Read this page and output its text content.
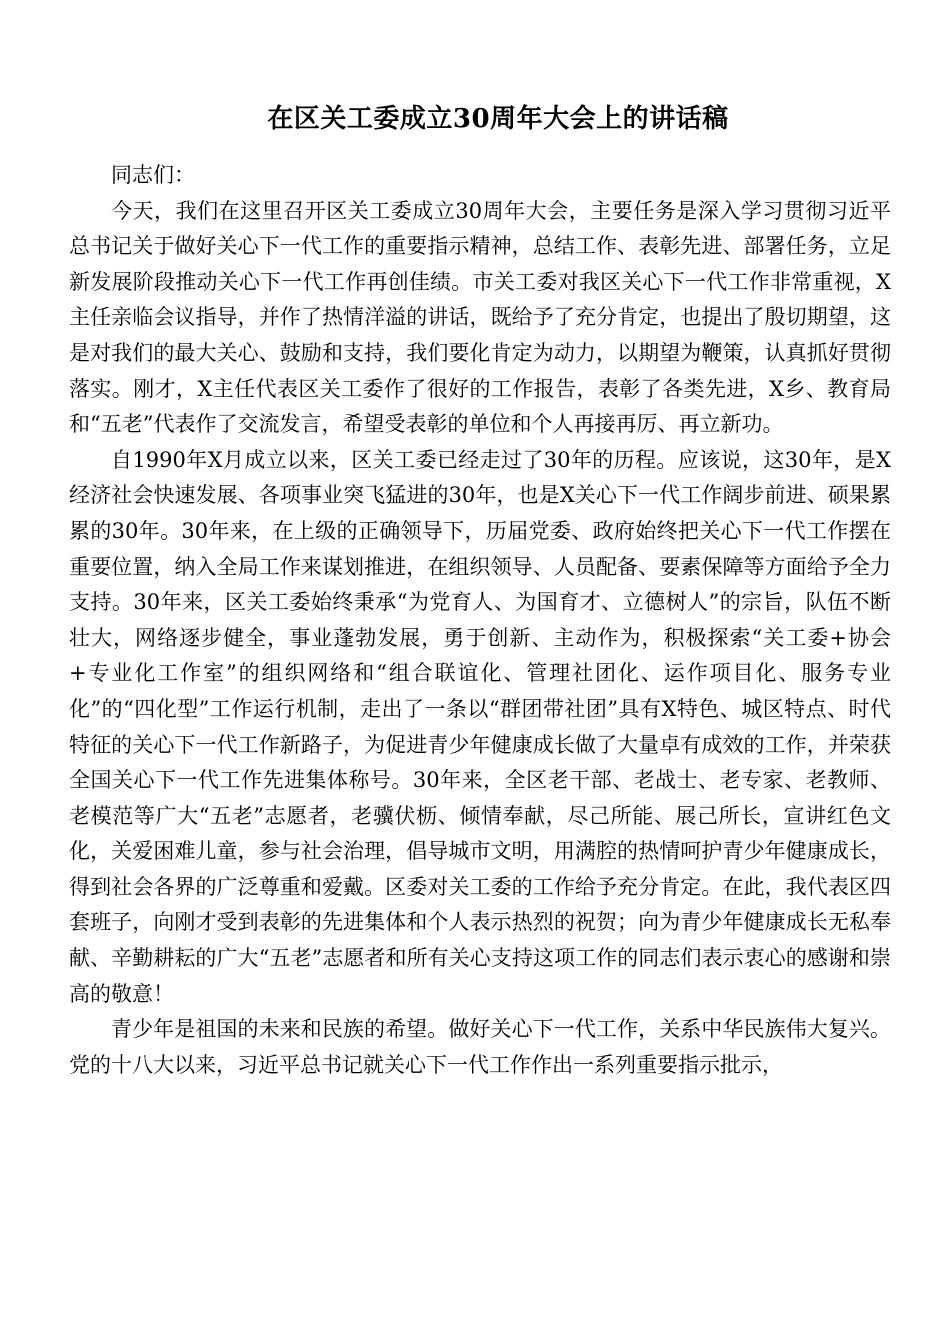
在区关工委成立30周年大会上的讲话稿

同志们：

今天，我们在这里召开区关工委成立30周年大会，主要任务是深入学习贯彻习近平总书记关于做好关心下一代工作的重要指示精神，总结工作、表彰先进、部署任务，立足新发展阶段推动关心下一代工作再创佳绩。市关工委对我区关心下一代工作非常重视，X主任亲临会议指导，并作了热情洋溢的讲话，既给予了充分肯定，也提出了殷切期望，这是对我们的最大关心、鼓励和支持，我们要化肯定为动力，以期望为鞭策，认真抓好贯彻落实。刚才，X主任代表区关工委作了很好的工作报告，表彰了各类先进，X乡、教育局和“五老”代表作了交流发言，希望受表彰的单位和个人再接再厉、再立新功。

自1990年X月成立以来，区关工委已经走过了30年的历程。应该说，这30年，是X经济社会快速发展、各项事业突飞猛进的30年，也是X关心下一代工作阔步前进、硕果累累的30年。30年来，在上级的正确领导下，历届党委、政府始终把关心下一代工作摆在重要位置，纳入全局工作来谋划推进，在组织领导、人员配备、要素保障等方面给予全力支持。30年来，区关工委始终秉承“为党育人、为国育才、立德树人”的宗旨，队伍不断壮大，网络逐步健全，事业蓬勃发展，勇于创新、主动作为，积极探索“关工委+协会+专业化工作室”的组织网络和“组合联谊化、管理社团化、运作项目化、服务专业化”的“四化型”工作运行机制，走出了一条以“群团带社团”具有X特色、城区特点、时代特征的关心下一代工作新路子，为促进青少年健康成长做了大量卓有成效的工作，并荣获全国关心下一代工作先进集体称号。30年来，全区老干部、老战士、老专家、老教师、老模范等广大“五老”志愿者，老骥伏枥、倾情奉献，尽己所能、展己所长，宣讲红色文化，关爱困难儿童，参与社会治理，倡导城市文明，用满腔的热情呵护青少年健康成长，得到社会各界的广泛尊重和爱戴。区委对关工委的工作给予充分肯定。在此，我代表区四套班子，向刚才受到表彰的先进集体和个人表示热烈的祝贺；向为青少年健康成长无私奉献、辛勤耕耘的广大“五老”志愿者和所有关心支持这项工作的同志们表示衷心的感谢和崇高的敬意！

青少年是祖国的未来和民族的希望。做好关心下一代工作，关系中华民族伟大复兴。党的十八大以来，习近平总书记就关心下一代工作作出一系列重要指示批示，
